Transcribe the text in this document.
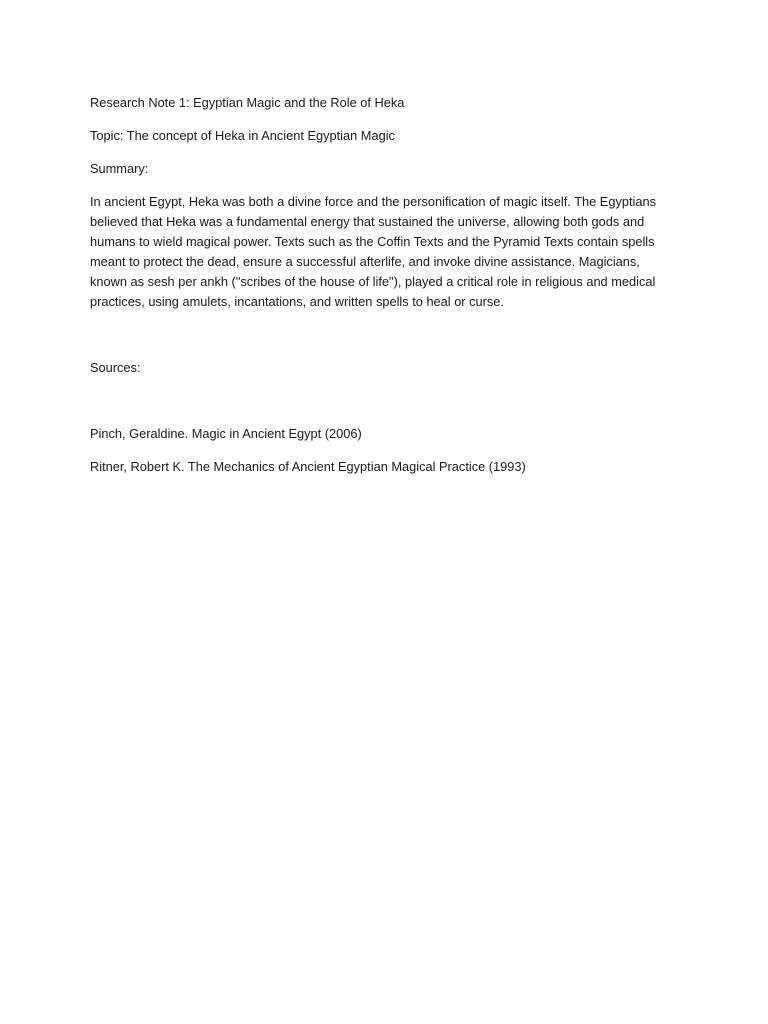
Research Note 1: Egyptian Magic and the Role of Heka

Topic: The concept of Heka in Ancient Egyptian Magic

Summary:

In ancient Egypt, Heka was both a divine force and the personification of magic itself. The Egyptians believed that Heka was a fundamental energy that sustained the universe, allowing both gods and humans to wield magical power. Texts such as the Coffin Texts and the Pyramid Texts contain spells meant to protect the dead, ensure a successful afterlife, and invoke divine assistance. Magicians, known as sesh per ankh ("scribes of the house of life"), played a critical role in religious and medical practices, using amulets, incantations, and written spells to heal or curse.

Sources:

Pinch, Geraldine. Magic in Ancient Egypt (2006)

Ritner, Robert K. The Mechanics of Ancient Egyptian Magical Practice (1993)
